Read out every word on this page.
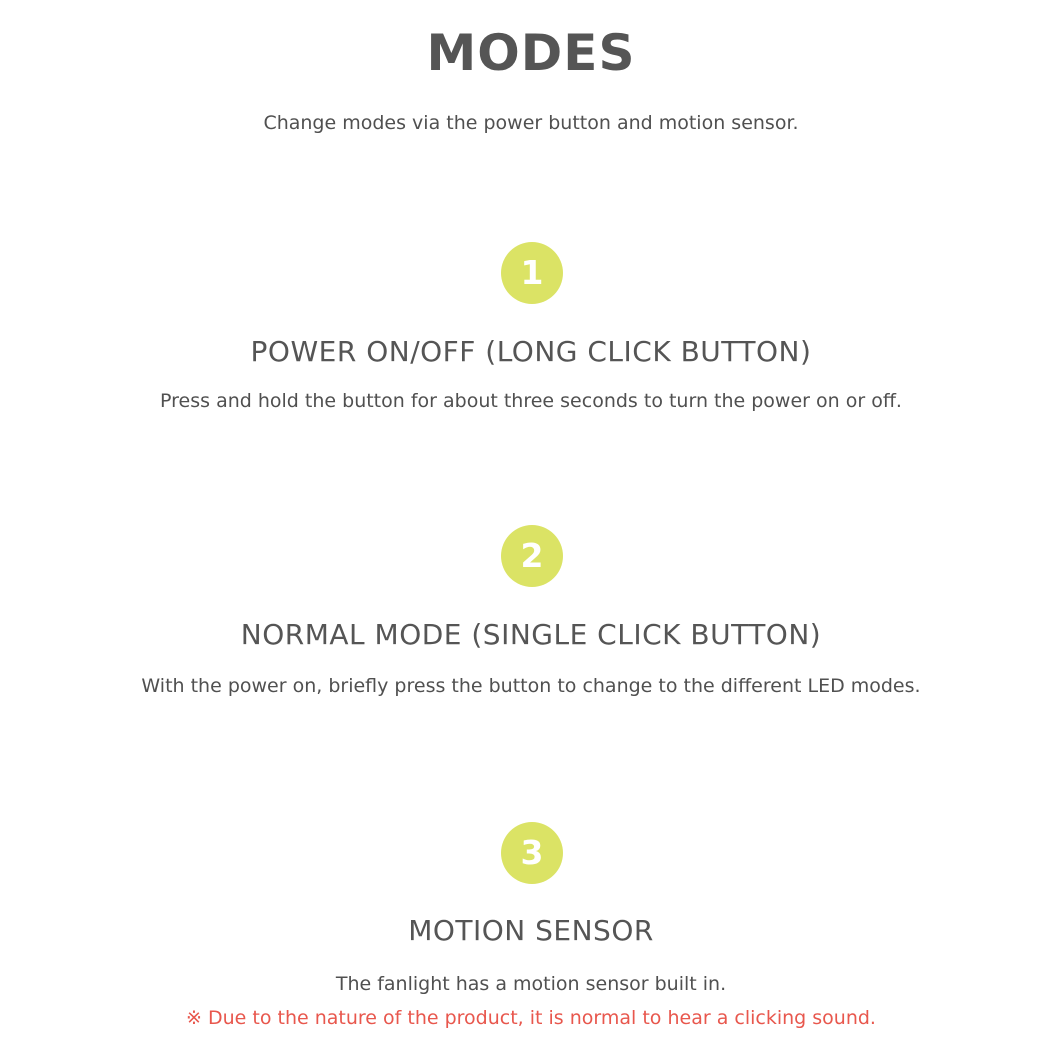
MODES
Change modes via the power button and motion sensor.
1
POWER ON/OFF (LONG CLICK BUTTON)
Press and hold the button for about three seconds to turn the power on or off.
2
NORMAL MODE (SINGLE CLICK BUTTON)
With the power on, briefly press the button to change to the different LED modes.
3
MOTION SENSOR
The fanlight has a motion sensor built in.
※ Due to the nature of the product, it is normal to hear a clicking sound.
